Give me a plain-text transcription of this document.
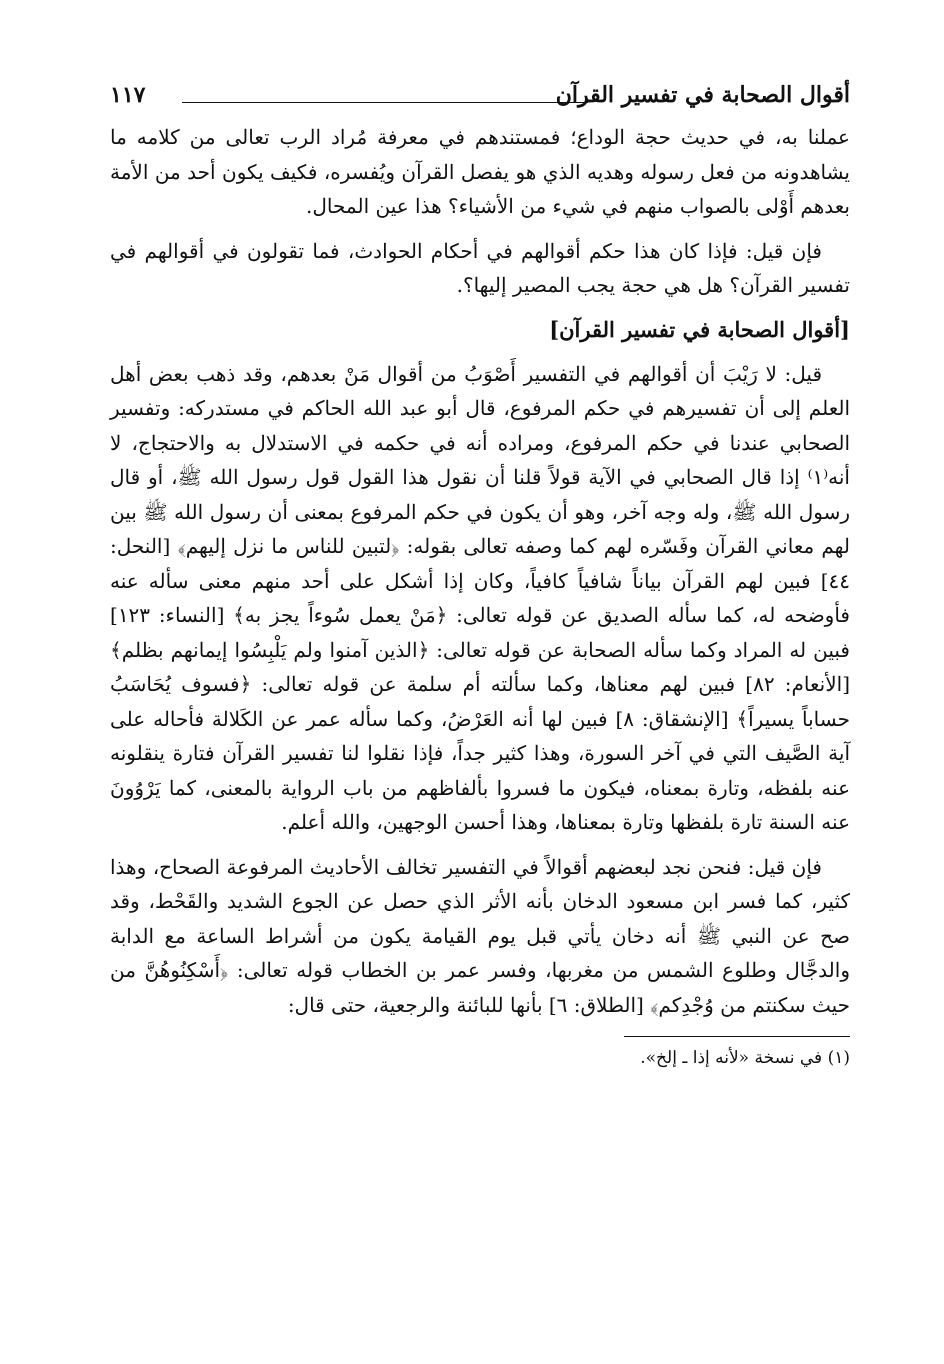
أقوال الصحابة في تفسير القرآن
١١٧

عملنا به، في حديث حجة الوداع؛ فمستندهم في معرفة مُراد الرب تعالى من كلامه ما يشاهدونه من فعل رسوله وهديه الذي هو يفصل القرآن ويُفسره، فكيف يكون أحد من الأمة بعدهم أَوْلى بالصواب منهم في شيء من الأشياء؟ هذا عين المحال.

فإن قيل: فإذا كان هذا حكم أقوالهم في أحكام الحوادث، فما تقولون في أقوالهم في تفسير القرآن؟ هل هي حجة يجب المصير إليها؟.

[أقوال الصحابة في تفسير القرآن]

قيل: لا رَيْبَ أن أقوالهم في التفسير أَصْوَبُ من أقوال مَنْ بعدهم، وقد ذهب بعض أهل العلم إلى أن تفسيرهم في حكم المرفوع، قال أبو عبد الله الحاكم في مستدركه: وتفسير الصحابي عندنا في حكم المرفوع، ومراده أنه في حكمه في الاستدلال به والاحتجاج، لا أنه⁽١⁾ إذا قال الصحابي في الآية قولاً قلنا أن نقول هذا القول قول رسول الله ﷺ، أو قال رسول الله ﷺ، وله وجه آخر، وهو أن يكون في حكم المرفوع بمعنى أن رسول الله ﷺ بين لهم معاني القرآن وفَسّره لهم كما وصفه تعالى بقوله: ﴿لتبين للناس ما نزل إليهم﴾ [النحل: ٤٤] فبين لهم القرآن بياناً شافياً كافياً، وكان إذا أشكل على أحد منهم معنى سأله عنه فأوضحه له، كما سأله الصديق عن قوله تعالى: ﴿مَنْ يعمل سُوءاً يجز به﴾ [النساء: ١٢٣] فبين له المراد وكما سأله الصحابة عن قوله تعالى: ﴿الذين آمنوا ولم يَلْبِسُوا إيمانهم بظلم﴾ [الأنعام: ٨٢] فبين لهم معناها، وكما سألته أم سلمة عن قوله تعالى: ﴿فسوف يُحَاسَبُ حساباً يسيراً﴾ [الإنشقاق: ٨] فبين لها أنه العَرْضُ، وكما سأله عمر عن الكَلالة فأحاله على آية الصَّيف التي في آخر السورة، وهذا كثير جداً، فإذا نقلوا لنا تفسير القرآن فتارة ينقلونه عنه بلفظه، وتارة بمعناه، فيكون ما فسروا بألفاظهم من باب الرواية بالمعنى، كما يَرْوُونَ عنه السنة تارة بلفظها وتارة بمعناها، وهذا أحسن الوجهين، والله أعلم.

فإن قيل: فنحن نجد لبعضهم أقوالاً في التفسير تخالف الأحاديث المرفوعة الصحاح، وهذا كثير، كما فسر ابن مسعود الدخان بأنه الأثر الذي حصل عن الجوع الشديد والقَحْط، وقد صح عن النبي ﷺ أنه دخان يأتي قبل يوم القيامة يكون من أشراط الساعة مع الدابة والدجَّال وطلوع الشمس من مغربها، وفسر عمر بن الخطاب قوله تعالى: ﴿أَسْكِنُوهُنَّ من حيث سكنتم من وُجْدِكم﴾ [الطلاق: ٦] بأنها للبائنة والرجعية، حتى قال:

(١) في نسخة «لأنه إذا ـ إلخ».
